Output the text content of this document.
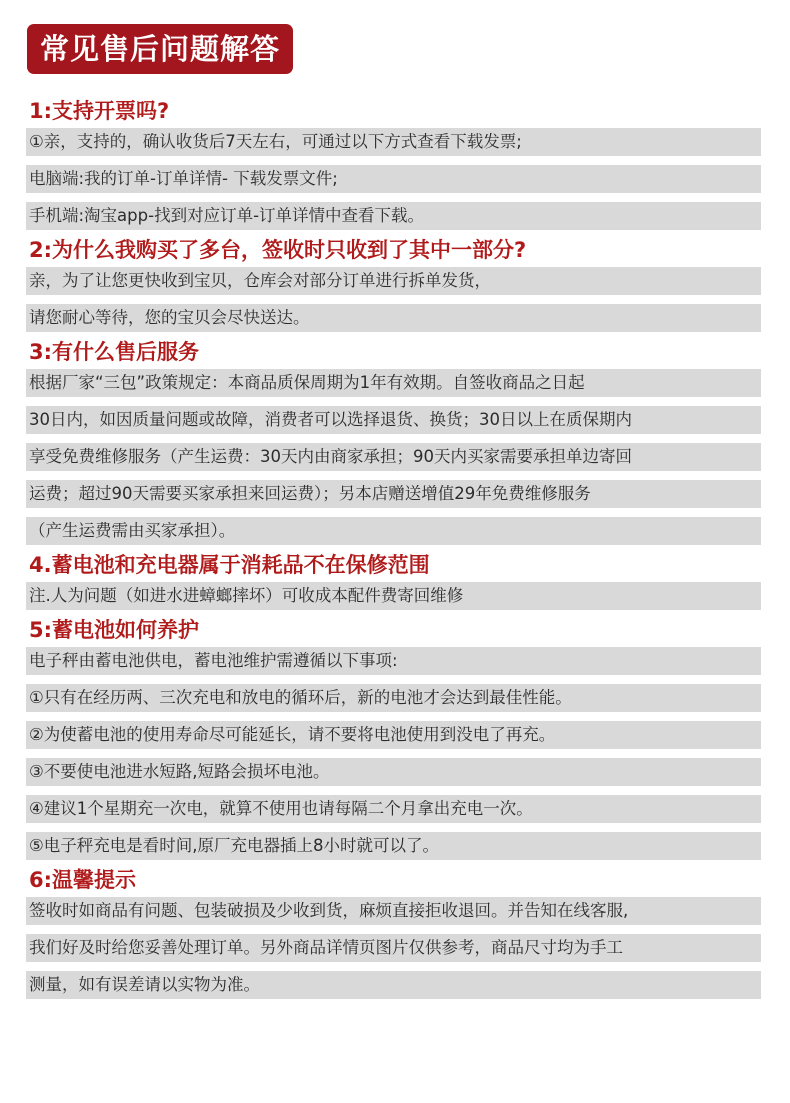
常见售后问题解答
1:支持开票吗?
①亲，支持的，确认收货后7天左右，可通过以下方式查看下载发票;
电脑端:我的订单-订单详情- 下载发票文件;
手机端:淘宝app-找到对应订单-订单详情中查看下载。
2:为什么我购买了多台，签收时只收到了其中一部分?
亲，为了让您更快收到宝贝，仓库会对部分订单进行拆单发货，
请您耐心等待，您的宝贝会尽快送达。
3:有什么售后服务
根据厂家“三包”政策规定：本商品质保周期为1年有效期。自签收商品之日起
30日内，如因质量问题或故障，消费者可以选择退货、换货；30日以上在质保期内
享受免费维修服务（产生运费：30天内由商家承担；90天内买家需要承担单边寄回
运费；超过90天需要买家承担来回运费）；另本店赠送增值29年免费维修服务
（产生运费需由买家承担）。
4.蓄电池和充电器属于消耗品不在保修范围
注.人为问题（如进水进蟑螂摔坏）可收成本配件费寄回维修
5:蓄电池如何养护
电子秤由蓄电池供电，蓄电池维护需遵循以下事项:
①只有在经历两、三次充电和放电的循环后，新的电池才会达到最佳性能。
②为使蓄电池的使用寿命尽可能延长，请不要将电池使用到没电了再充。
③不要使电池进水短路,短路会损坏电池。
④建议1个星期充一次电，就算不使用也请每隔二个月拿出充电一次。
⑤电子秤充电是看时间,原厂充电器插上8小时就可以了。
6:温馨提示
签收时如商品有问题、包装破损及少收到货，麻烦直接拒收退回。并告知在线客服,
我们好及时给您妥善处理订单。另外商品详情页图片仅供参考，商品尺寸均为手工
测量，如有误差请以实物为准。
